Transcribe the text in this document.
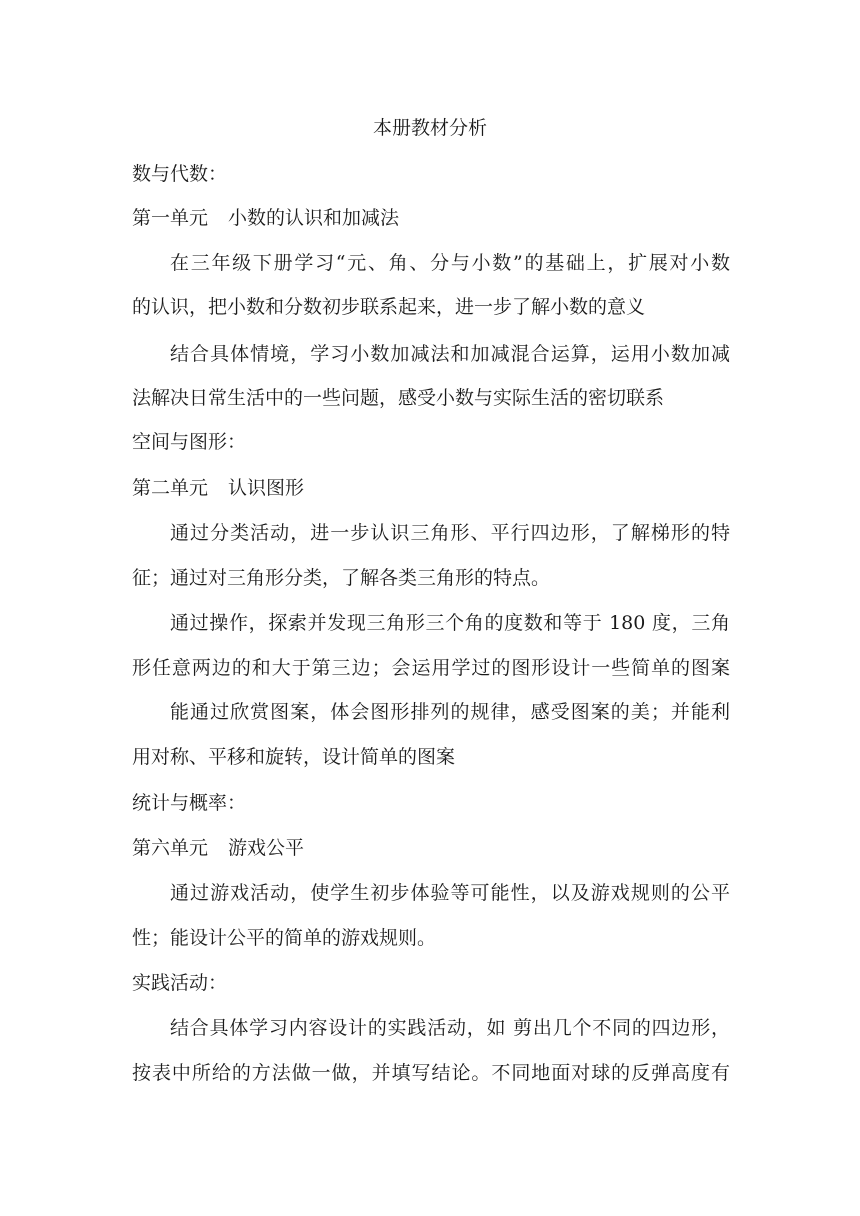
本册教材分析
数与代数：
第一单元 小数的认识和加减法
在三年级下册学习“元、角、分与小数”的基础上，扩展对小数
的认识，把小数和分数初步联系起来，进一步了解小数的意义
结合具体情境，学习小数加减法和加减混合运算，运用小数加减
法解决日常生活中的一些问题，感受小数与实际生活的密切联系
空间与图形：
第二单元 认识图形
通过分类活动，进一步认识三角形、平行四边形，了解梯形的特
征；通过对三角形分类，了解各类三角形的特点。
通过操作，探索并发现三角形三个角的度数和等于 180 度，三角
形任意两边的和大于第三边；会运用学过的图形设计一些简单的图案
能通过欣赏图案，体会图形排列的规律，感受图案的美；并能利
用对称、平移和旋转，设计简单的图案
统计与概率：
第六单元 游戏公平
通过游戏活动，使学生初步体验等可能性，以及游戏规则的公平
性；能设计公平的简单的游戏规则。
实践活动：
结合具体学习内容设计的实践活动，如 剪出几个不同的四边形，
按表中所给的方法做一做，并填写结论。不同地面对球的反弹高度有
